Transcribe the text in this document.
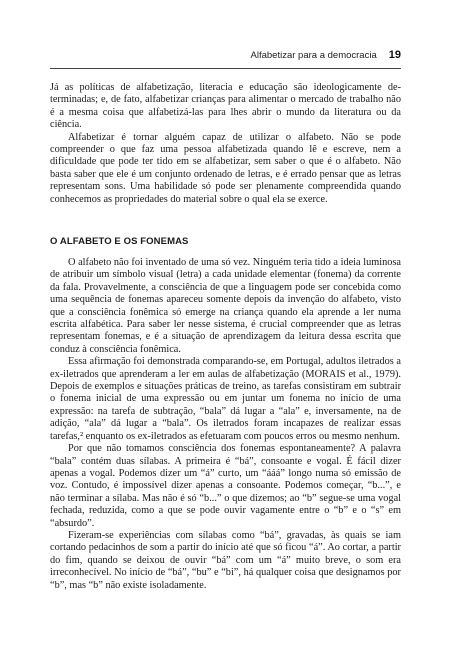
Alfabetizar para a democracia 19

Já as políticas de alfabetização, literacia e educação são ideologicamente determinadas; e, de fato, alfabetizar crianças para alimentar o mercado de trabalho não é a mesma coisa que alfabetizá-las para lhes abrir o mundo da literatura ou da ciência.

Alfabetizar é tornar alguém capaz de utilizar o alfabeto. Não se pode compreender o que faz uma pessoa alfabetizada quando lê e escreve, nem a dificuldade que pode ter tido em se alfabetizar, sem saber o que é o alfabeto. Não basta saber que ele é um conjunto ordenado de letras, e é errado pensar que as letras representam sons. Uma habilidade só pode ser plenamente compreendida quando conhecemos as propriedades do material sobre o qual ela se exerce.

O ALFABETO E OS FONEMAS

O alfabeto não foi inventado de uma só vez. Ninguém teria tido a ideia luminosa de atribuir um símbolo visual (letra) a cada unidade elementar (fonema) da corrente da fala. Provavelmente, a consciência de que a linguagem pode ser concebida como uma sequência de fonemas apareceu somente depois da invenção do alfabeto, visto que a consciência fonêmica só emerge na criança quando ela aprende a ler numa escrita alfabética. Para saber ler nesse sistema, é crucial compreender que as letras representam fonemas, e é a situação de aprendizagem da leitura dessa escrita que conduz à consciência fonêmica.

Essa afirmação foi demonstrada comparando-se, em Portugal, adultos iletrados a ex-iletrados que aprenderam a ler em aulas de alfabetização (MORAIS et al., 1979). Depois de exemplos e situações práticas de treino, as tarefas consistiram em subtrair o fonema inicial de uma expressão ou em juntar um fonema no início de uma expressão: na tarefa de subtração, “bala” dá lugar a “ala” e, inversamente, na de adição, “ala” dá lugar a “bala”. Os iletrados foram incapazes de realizar essas tarefas,² enquanto os ex-iletrados as efetuaram com poucos erros ou mesmo nenhum.

Por que não tomamos consciência dos fonemas espontaneamente? A palavra “bala” contém duas sílabas. A primeira é “bá”, consoante e vogal. É fácil dizer apenas a vogal. Podemos dizer um “á” curto, um “ááá” longo numa só emissão de voz. Contudo, é impossível dizer apenas a consoante. Podemos começar, “b...”, e não terminar a sílaba. Mas não é só “b...” o que dizemos; ao “b” segue-se uma vogal fechada, reduzida, como a que se pode ouvir vagamente entre o “b” e o “s” em “absurdo”.

Fizeram-se experiências com sílabas como “bá”, gravadas, às quais se iam cortando pedacinhos de som a partir do início até que só ficou “á”. Ao cortar, a partir do fim, quando se deixou de ouvir “bá” com um “á” muito breve, o som era irreconhecível. No início de “bá”, “bu” e “bi”, há qualquer coisa que designamos por “b”, mas “b” não existe isoladamente.
